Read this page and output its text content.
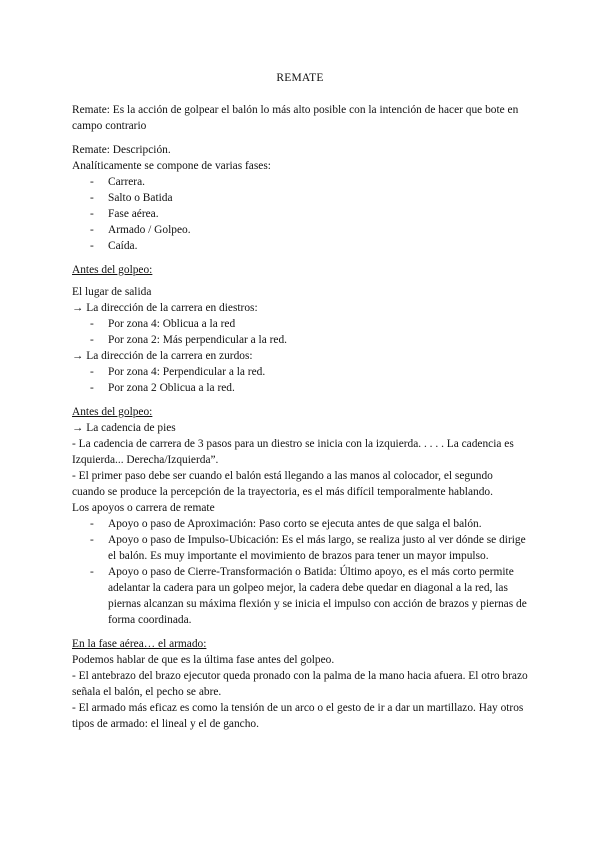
REMATE

Remate: Es la acción de golpear el balón lo más alto posible con la intención de hacer que bote en campo contrario

Remate: Descripción.

Analíticamente se compone de varias fases:

- Carrera.
- Salto o Batida
- Fase aérea.
- Armado / Golpeo.
- Caída.

Antes del golpeo:

El lugar de salida

→ La dirección de la carrera en diestros:

- Por zona 4: Oblicua a la red
- Por zona 2: Más perpendicular a la red.

→ La dirección de la carrera en zurdos:

- Por zona 4: Perpendicular a la red.
- Por zona 2 Oblicua a la red.

Antes del golpeo:

→ La cadencia de pies

- La cadencia de carrera de 3 pasos para un diestro se inicia con la izquierda. . . . . La cadencia es Izquierda... Derecha/Izquierda”.

- El primer paso debe ser cuando el balón está llegando a las manos al colocador, el segundo cuando se produce la percepción de la trayectoria, es el más difícil temporalmente hablando.

Los apoyos o carrera de remate

- Apoyo o paso de Aproximación: Paso corto se ejecuta antes de que salga el balón.
- Apoyo o paso de Impulso-Ubicación: Es el más largo, se realiza justo al ver dónde se dirige el balón. Es muy importante el movimiento de brazos para tener un mayor impulso.
- Apoyo o paso de Cierre-Transformación o Batida: Último apoyo, es el más corto permite adelantar la cadera para un golpeo mejor, la cadera debe quedar en diagonal a la red, las piernas alcanzan su máxima flexión y se inicia el impulso con acción de brazos y piernas de forma coordinada.

En la fase aérea… el armado:

Podemos hablar de que es la última fase antes del golpeo.

- El antebrazo del brazo ejecutor queda pronado con la palma de la mano hacia afuera. El otro brazo señala el balón, el pecho se abre.

- El armado más eficaz es como la tensión de un arco o el gesto de ir a dar un martillazo. Hay otros tipos de armado: el lineal y el de gancho.
